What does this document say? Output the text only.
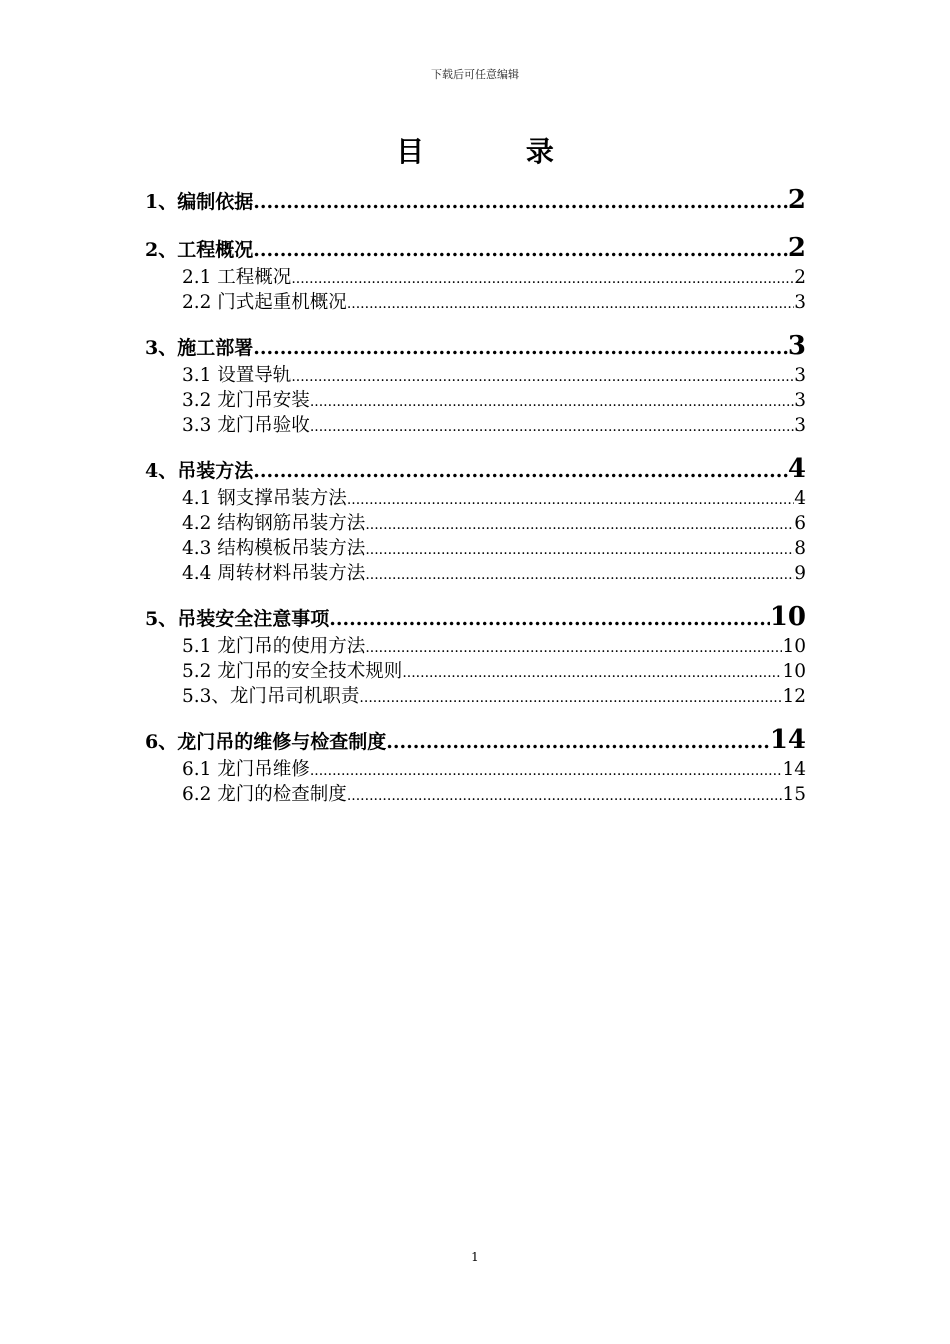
下载后可任意编辑
目 录
1、编制依据 .....	2
2、工程概况 .....	2
2.1 工程概况 .....	2
2.2 门式起重机概况 .....	3
3、施工部署 .....	3
3.1 设置导轨 .....	3
3.2 龙门吊安装 .....	3
3.3 龙门吊验收 .....	3
4、吊装方法 .....	4
4.1 钢支撑吊装方法 .....	4
4.2 结构钢筋吊装方法 .....	6
4.3 结构模板吊装方法 .....	8
4.4 周转材料吊装方法 .....	9
5、吊装安全注意事项 .....	10
5.1 龙门吊的使用方法 .....	10
5.2 龙门吊的安全技术规则 .....	10
5.3、龙门吊司机职责 .....	12
6、龙门吊的维修与检查制度 .....	14
6.1 龙门吊维修 .....	14
6.2 龙门的检查制度 .....	15
1
